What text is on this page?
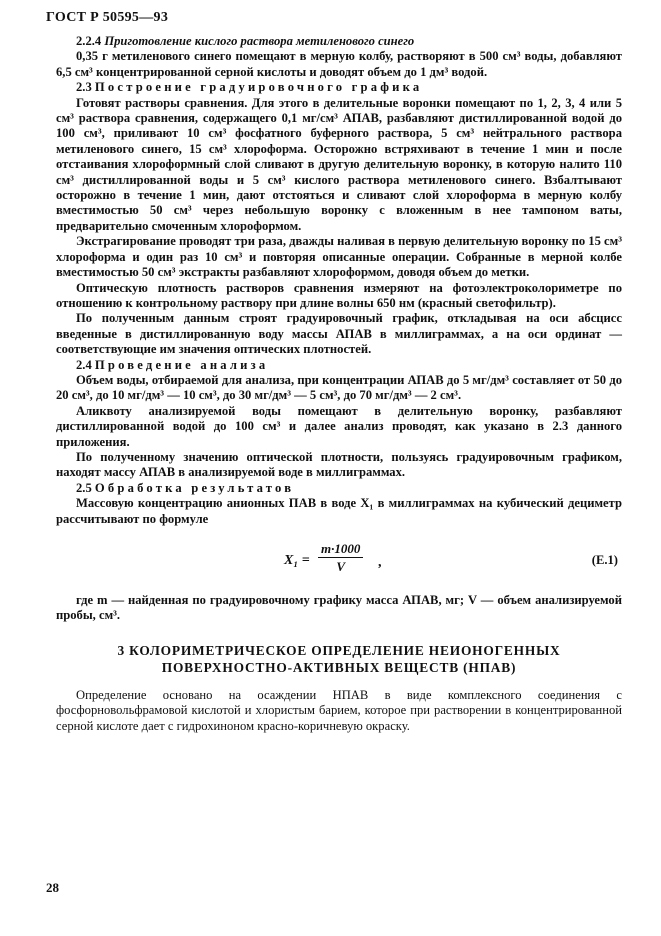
ГОСТ Р 50595—93

2.2.4 Приготовление кислого раствора метиленового синего

0,35 г метиленового синего помещают в мерную колбу, растворяют в 500 см³ воды, добавляют 6,5 см³ концентрированной серной кислоты и доводят объем до 1 дм³ водой.

2.3 Построение градуировочного графика

Готовят растворы сравнения. Для этого в делительные воронки помещают по 1, 2, 3, 4 или 5 см³ раствора сравнения, содержащего 0,1 мг/см³ АПАВ, разбавляют дистиллированной водой до 100 см³, приливают 10 см³ фосфатного буферного раствора, 5 см³ нейтрального раствора метиленового синего, 15 см³ хлороформа. Осторожно встряхивают в течение 1 мин и после отстаивания хлороформный слой сливают в другую делительную воронку, в которую налито 110 см³ дистиллированной воды и 5 см³ кислого раствора метиленового синего. Взбалтывают осторожно в течение 1 мин, дают отстояться и сливают слой хлороформа в мерную колбу вместимостью 50 см³ через небольшую воронку с вложенным в нее тампоном ваты, предварительно смоченным хлороформом.

Экстрагирование проводят три раза, дважды наливая в первую делительную воронку по 15 см³ хлороформа и один раз 10 см³ и повторяя описанные операции. Собранные в мерной колбе вместимостью 50 см³ экстракты разбавляют хлороформом, доводя объем до метки.

Оптическую плотность растворов сравнения измеряют на фотоэлектроколориметре по отношению к контрольному раствору при длине волны 650 нм (красный светофильтр).

По полученным данным строят градуировочный график, откладывая на оси абсцисс введенные в дистиллированную воду массы АПАВ в миллиграммах, а на оси ординат — соответствующие им значения оптических плотностей.

2.4 Проведение анализа

Объем воды, отбираемой для анализа, при концентрации АПАВ до 5 мг/дм³ составляет от 50 до 20 см³, до 10 мг/дм³ — 10 см³, до 30 мг/дм³ — 5 см³, до 70 мг/дм³ — 2 см³.

Аликвоту анализируемой воды помещают в делительную воронку, разбавляют дистиллированной водой до 100 см³ и далее анализ проводят, как указано в 2.3 данного приложения.

По полученному значению оптической плотности, пользуясь градуировочным графиком, находят массу АПАВ в анализируемой воде в миллиграммах.

2.5 Обработка результатов

Массовую концентрацию анионных ПАВ в воде X₁ в миллиграммах на кубический дециметр рассчитывают по формуле

$X_1 = \frac{m\cdot 1000}{V}$ ,	(E.1)

где m — найденная по градуировочному графику масса АПАВ, мг; V — объем анализируемой пробы, см³.

3 КОЛОРИМЕТРИЧЕСКОЕ ОПРЕДЕЛЕНИЕ НЕИОНОГЕННЫХ
ПОВЕРХНОСТНО-АКТИВНЫХ ВЕЩЕСТВ (НПАВ)

Определение основано на осаждении НПАВ в виде комплексного соединения с фосфорновольфрамовой кислотой и хлористым барием, которое при растворении в концентрированной серной кислоте дает с гидрохиноном красно-коричневую окраску.

28
